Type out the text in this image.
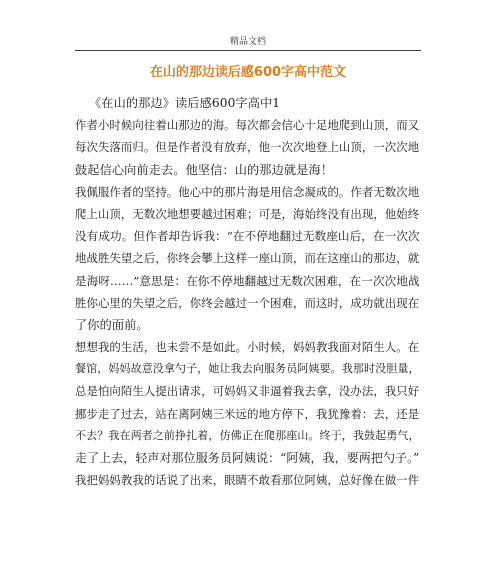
精品文档
在山的那边读后感600字高中范文
《在山的那边》读后感600字高中1
作者小时候向往着山那边的海。每次都会信心十足地爬到山顶，而又
每次失落而归。但是作者没有放弃，他一次次地登上山顶，一次次地
鼓起信心向前走去。他坚信：山的那边就是海！
我佩服作者的坚持。他心中的那片海是用信念凝成的。作者无数次地
爬上山顶，无数次地想要越过困难；可是，海始终没有出现，他始终
没有成功。但作者却告诉我：“在不停地翻过无数座山后，在一次次
地战胜失望之后，你终会攀上这样一座山顶，而在这座山的那边，就
是海呀……”意思是：在你不停地翻越过无数次困难，在一次次地战
胜你心里的失望之后，你终会越过一个困难，而这时，成功就出现在
了你的面前。
想想我的生活，也未尝不是如此。小时候，妈妈教我面对陌生人。在
餐馆，妈妈故意没拿勺子，她让我去向服务员阿姨要。我那时没胆量，
总是怕向陌生人提出请求，可妈妈又非逼着我去拿，没办法，我只好
挪步走了过去，站在离阿姨三米远的地方停下，我犹豫着：去，还是
不去？我在两者之前挣扎着，仿佛正在爬那座山。终于，我鼓起勇气，
走了上去，轻声对那位服务员阿姨说：“阿姨，我，要两把勺子。”
我把妈妈教我的话说了出来，眼睛不敢看那位阿姨，总好像在做一件
